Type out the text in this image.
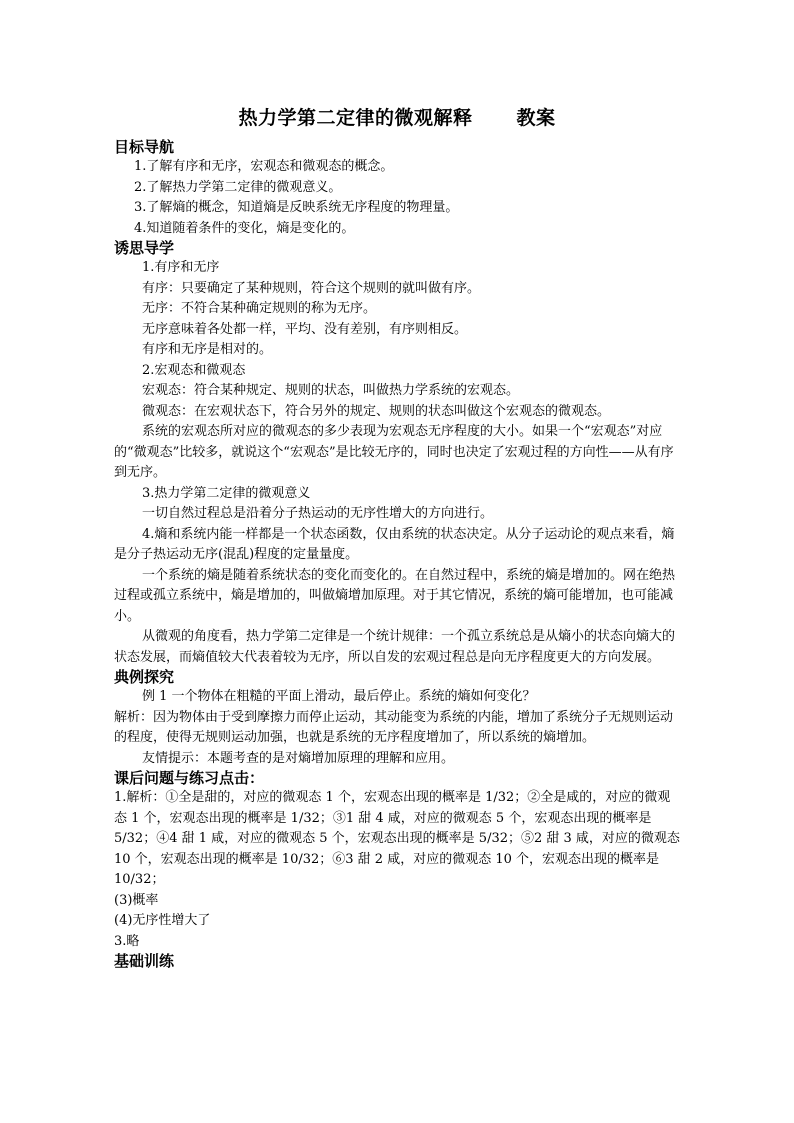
热力学第二定律的微观解释 教案

目标导航

1.了解有序和无序，宏观态和微观态的概念。

2.了解热力学第二定律的微观意义。

3.了解熵的概念，知道熵是反映系统无序程度的物理量。

4.知道随着条件的变化，熵是变化的。

诱思导学

1.有序和无序

有序：只要确定了某种规则，符合这个规则的就叫做有序。

无序：不符合某种确定规则的称为无序。

无序意味着各处都一样，平均、没有差别，有序则相反。

有序和无序是相对的。

2.宏观态和微观态

宏观态：符合某种规定、规则的状态，叫做热力学系统的宏观态。

微观态：在宏观状态下，符合另外的规定、规则的状态叫做这个宏观态的微观态。

系统的宏观态所对应的微观态的多少表现为宏观态无序程度的大小。如果一个“宏观态”对应的“微观态”比较多，就说这个“宏观态”是比较无序的，同时也决定了宏观过程的方向性——从有序到无序。

3.热力学第二定律的微观意义

一切自然过程总是沿着分子热运动的无序性增大的方向进行。

4.熵和系统内能一样都是一个状态函数，仅由系统的状态决定。从分子运动论的观点来看，熵是分子热运动无序(混乱)程度的定量量度。

一个系统的熵是随着系统状态的变化而变化的。在自然过程中，系统的熵是增加的。网在绝热过程或孤立系统中，熵是增加的，叫做熵增加原理。对于其它情况，系统的熵可能增加，也可能减小。

从微观的角度看，热力学第二定律是一个统计规律：一个孤立系统总是从熵小的状态向熵大的状态发展，而熵值较大代表着较为无序，所以自发的宏观过程总是向无序程度更大的方向发展。

典例探究

例 1 一个物体在粗糙的平面上滑动，最后停止。系统的熵如何变化？

解析：因为物体由于受到摩擦力而停止运动，其动能变为系统的内能，增加了系统分子无规则运动的程度，使得无规则运动加强，也就是系统的无序程度增加了，所以系统的熵增加。

友情提示：本题考查的是对熵增加原理的理解和应用。

课后问题与练习点击：

1.解析：①全是甜的，对应的微观态 1 个，宏观态出现的概率是 1/32；②全是咸的，对应的微观态 1 个，宏观态出现的概率是 1/32；③1 甜 4 咸，对应的微观态 5 个，宏观态出现的概率是 5/32；④4 甜 1 咸，对应的微观态 5 个，宏观态出现的概率是 5/32；⑤2 甜 3 咸，对应的微观态 10 个，宏观态出现的概率是 10/32；⑥3 甜 2 咸，对应的微观态 10 个，宏观态出现的概率是 10/32；

(3)概率

(4)无序性增大了

3.略

基础训练
